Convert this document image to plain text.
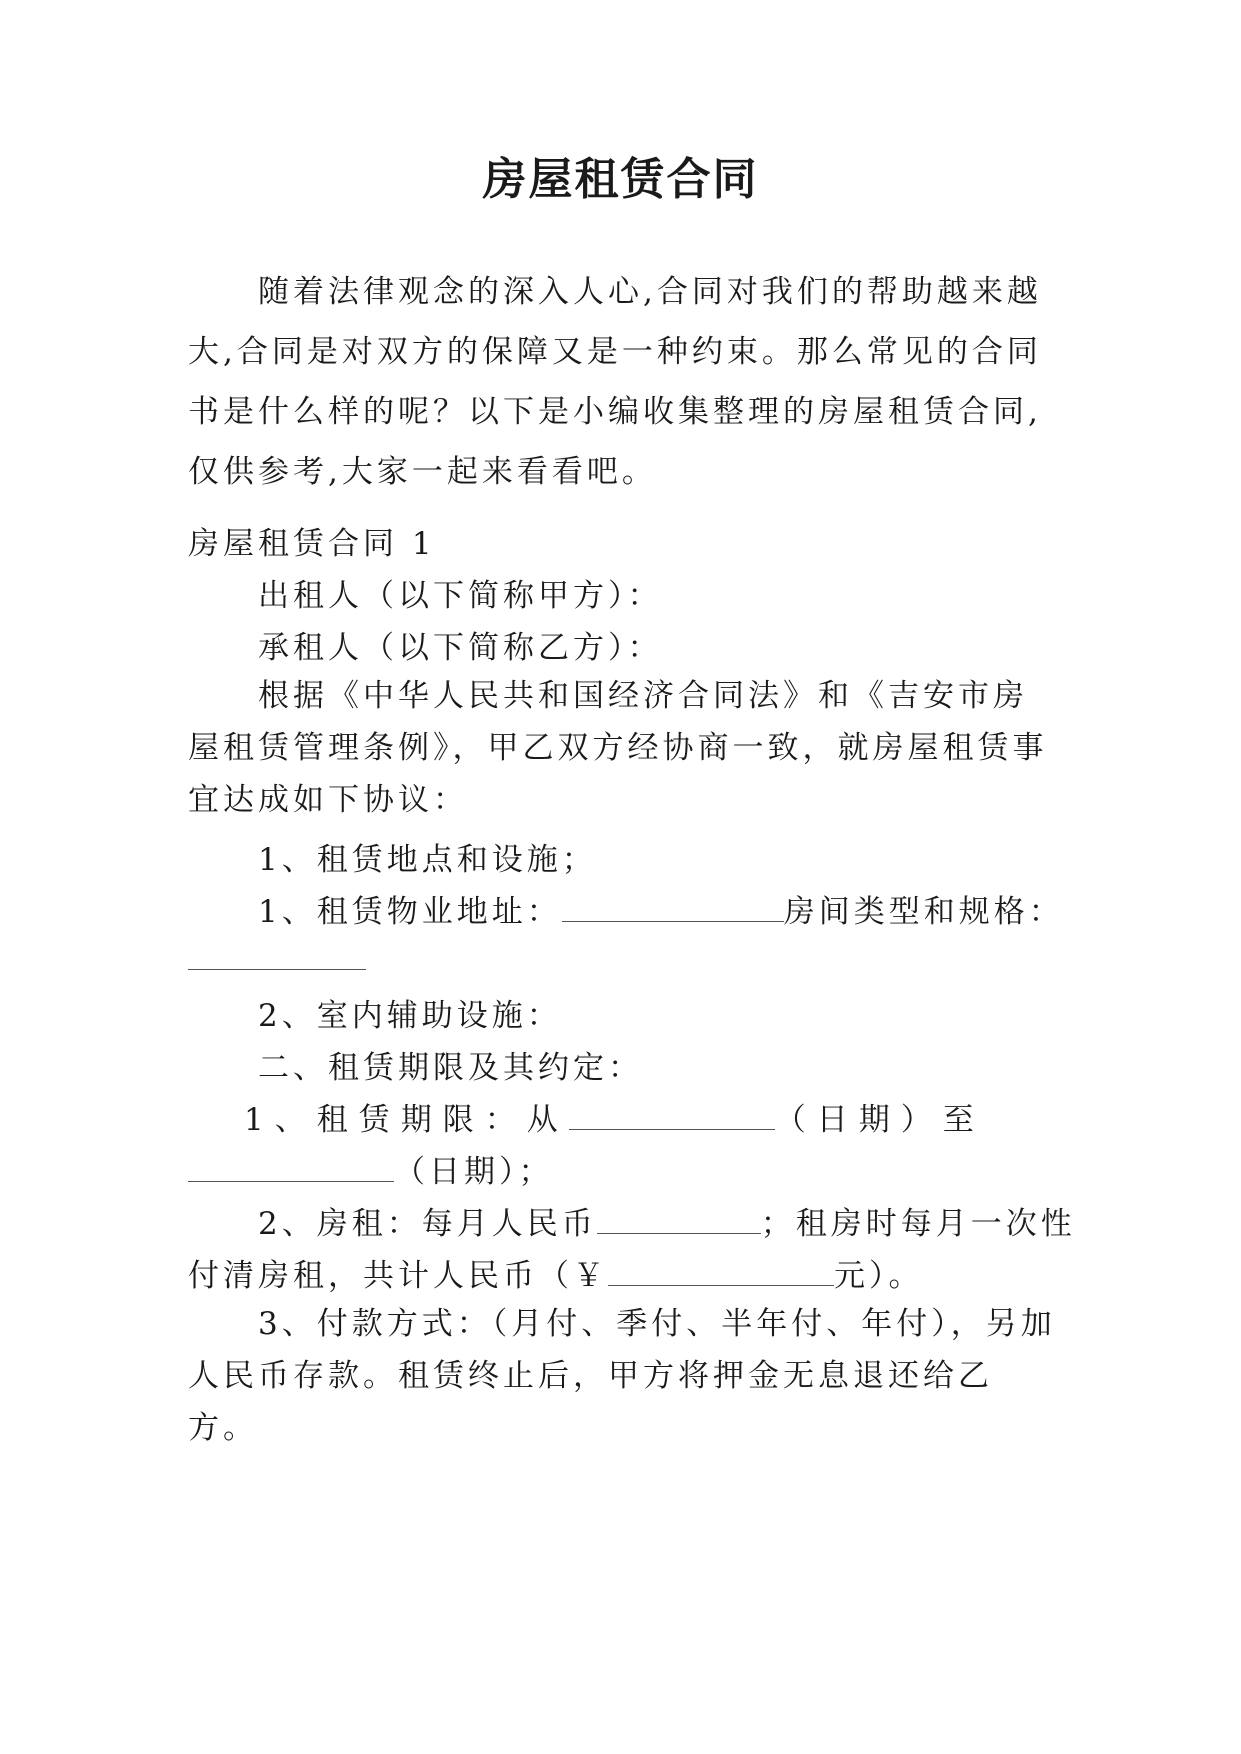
房屋租赁合同
随着法律观念的深入人心,合同对我们的帮助越来越大,合同是对双方的保障又是一种约束。那么常见的合同书是什么样的呢？以下是小编收集整理的房屋租赁合同,仅供参考,大家一起来看看吧。
房屋租赁合同 1
出租人（以下简称甲方）：
承租人（以下简称乙方）：
根据《中华人民共和国经济合同法》和《吉安市房屋租赁管理条例》，甲乙双方经协商一致，就房屋租赁事宜达成如下协议：
1、租赁地点和设施；
1、租赁物业地址：	房间类型和规格：
2、室内辅助设施：
二、租赁期限及其约定：
1、租赁期限：从	（日期）至
（日期）；
2、房租：每月人民币	；租房时每月一次性
付清房租，共计人民币（￥	元）。
3、付款方式：（月付、季付、半年付、年付），另加人民币存款。租赁终止后，甲方将押金无息退还给乙方。
